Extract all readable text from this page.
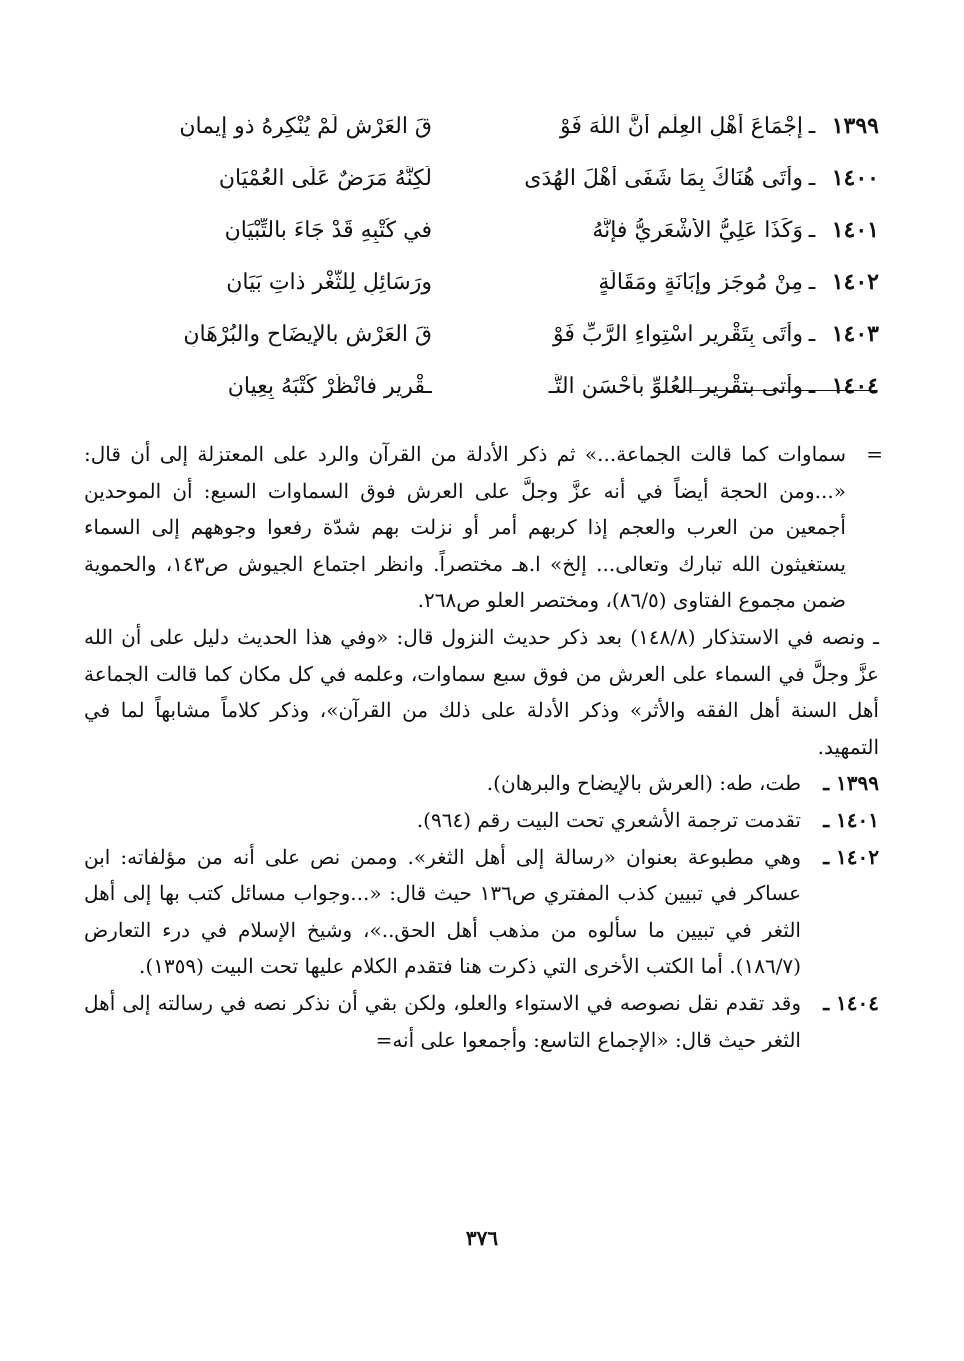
١٣٩٩
ـ
إجْمَاعَ أَهْلِ العِلْمِ أنَّ اللَّهَ فَوْ
قَ العَرْشِ لَمْ يُنْكِرهُ ذو إيمانِ
١٤٠٠
ـ
وأَتَى هُنَاكَ بِمَا شَفَى أَهْلَ الهُدَى
لَكِنَّهُ مَرَضٌ عَلَى العُمْيَانِ
١٤٠١
ـ
وَكَذَا عَلِيُّ الأَشْعَرِيُّ فإنَّهُ
في كُتْبِهِ قَدْ جَاءَ بالتِّبْيَانِ
١٤٠٢
ـ
مِنْ مُوجَزٍ وإبَانَةٍ ومَقَالَةٍ
ورَسَائِلٍ لِلثَّغْرِ ذاتِ بَيَانِ
١٤٠٣
ـ
وأتَى بِتَقْرِيرِ اسْتِواءِ الرَّبِّ فَوْ
قَ العَرْشِ بالإيضَاحِ والبُرْهَانِ
١٤٠٤
ـ
وأتى بتقْرِيرِ العُلوِّ بأحْسَنِ التَّـ
ـقْرِيرِ فانْظُرْ كُتْبَهُ بِعِيانِ
=

سماوات كما قالت الجماعة...» ثم ذكر الأدلة من القرآن والرد على المعتزلة إلى أن قال: «...ومن الحجة أيضاً في أنه عزَّ وجلَّ على العرش فوق السماوات السبع: أن الموحدين أجمعين من العرب والعجم إذا كربهم أمر أو نزلت بهم شدّة رفعوا وجوههم إلى السماء يستغيثون الله تبارك وتعالى... إلخ» ا.هـ مختصراً. وانظر اجتماع الجيوش ص١٤٣، والحموية ضمن مجموع الفتاوى (٨٦/٥)، ومختصر العلو ص٢٦٨.

ـ ونصه في الاستذكار (١٤٨/٨) بعد ذكر حديث النزول قال: «وفي هذا الحديث دليل على أن الله عزَّ وجلَّ في السماء على العرش من فوق سبع سماوات، وعلمه في كل مكان كما قالت الجماعة أهل السنة أهل الفقه والأثر» وذكر الأدلة على ذلك من القرآن»، وذكر كلاماً مشابهاً لما في التمهيد.

١٣٩٩ ـ
طت، طه: (العرش بالإيضاح والبرهان).
١٤٠١ ـ
تقدمت ترجمة الأشعري تحت البيت رقم (٩٦٤).
١٤٠٢ ـ
وهي مطبوعة بعنوان «رسالة إلى أهل الثغر». وممن نص على أنه من مؤلفاته: ابن عساكر في تبيين كذب المفتري ص١٣٦ حيث قال: «...وجواب مسائل كتب بها إلى أهل الثغر في تبيين ما سألوه من مذهب أهل الحق..»، وشيخ الإسلام في درء التعارض (١٨٦/٧). أما الكتب الأخرى التي ذكرت هنا فتقدم الكلام عليها تحت البيت (١٣٥٩).
١٤٠٤ ـ
وقد تقدم نقل نصوصه في الاستواء والعلو، ولكن بقي أن نذكر نصه في رسالته إلى أهل الثغر حيث قال: «الإجماع التاسع: وأجمعوا على أنه=
٣٧٦
